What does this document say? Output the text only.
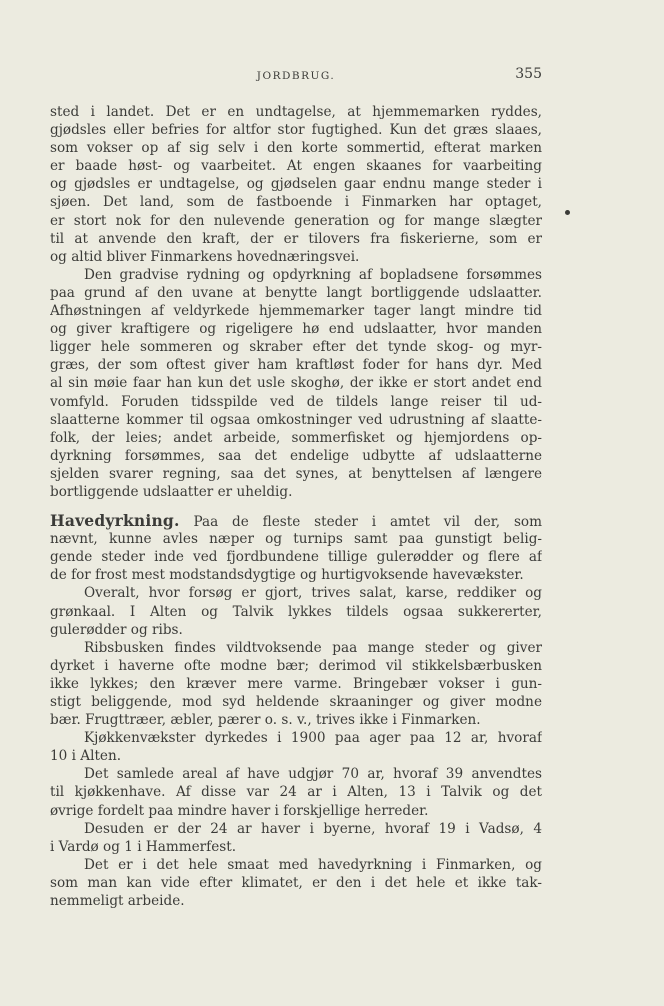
JORDBRUG.	355
sted i landet. Det er en undtagelse, at hjemmemarken ryddes,
gjødsles eller befries for altfor stor fugtighed. Kun det græs slaaes,
som vokser op af sig selv i den korte sommertid, efterat marken
er baade høst- og vaarbeitet. At engen skaanes for vaarbeiting
og gjødsles er undtagelse, og gjødselen gaar endnu mange steder i
sjøen. Det land, som de fastboende i Finmarken har optaget,
er stort nok for den nulevende generation og for mange slægter
til at anvende den kraft, der er tilovers fra fiskerierne, som er
og altid bliver Finmarkens hovednæringsvei.
Den gradvise rydning og opdyrkning af bopladsene forsømmes
paa grund af den uvane at benytte langt bortliggende udslaatter.
Afhøstningen af veldyrkede hjemmemarker tager langt mindre tid
og giver kraftigere og rigeligere hø end udslaatter, hvor manden
ligger hele sommeren og skraber efter det tynde skog- og myr-
græs, der som oftest giver ham kraftløst foder for hans dyr. Med
al sin møie faar han kun det usle skoghø, der ikke er stort andet end
vomfyld. Foruden tidsspilde ved de tildels lange reiser til ud-
slaatterne kommer til ogsaa omkostninger ved udrustning af slaatte-
folk, der leies; andet arbeide, sommerfisket og hjemjordens op-
dyrkning forsømmes, saa det endelige udbytte af udslaatterne
sjelden svarer regning, saa det synes, at benyttelsen af længere
bortliggende udslaatter er uheldig.
Havedyrkning. Paa de fleste steder i amtet vil der, som
nævnt, kunne avles næper og turnips samt paa gunstigt belig-
gende steder inde ved fjordbundene tillige gulerødder og flere af
de for frost mest modstandsdygtige og hurtigvoksende havevækster.
Overalt, hvor forsøg er gjort, trives salat, karse, reddiker og
grønkaal. I Alten og Talvik lykkes tildels ogsaa sukkererter,
gulerødder og ribs.
Ribsbusken findes vildtvoksende paa mange steder og giver
dyrket i haverne ofte modne bær; derimod vil stikkelsbærbusken
ikke lykkes; den kræver mere varme. Bringebær vokser i gun-
stigt beliggende, mod syd heldende skraaninger og giver modne
bær. Frugttræer, æbler, pærer o. s. v., trives ikke i Finmarken.
Kjøkkenvækster dyrkedes i 1900 paa ager paa 12 ar, hvoraf
10 i Alten.
Det samlede areal af have udgjør 70 ar, hvoraf 39 anvendtes
til kjøkkenhave. Af disse var 24 ar i Alten, 13 i Talvik og det
øvrige fordelt paa mindre haver i forskjellige herreder.
Desuden er der 24 ar haver i byerne, hvoraf 19 i Vadsø, 4
i Vardø og 1 i Hammerfest.
Det er i det hele smaat med havedyrkning i Finmarken, og
som man kan vide efter klimatet, er den i det hele et ikke tak-
nemmeligt arbeide.
